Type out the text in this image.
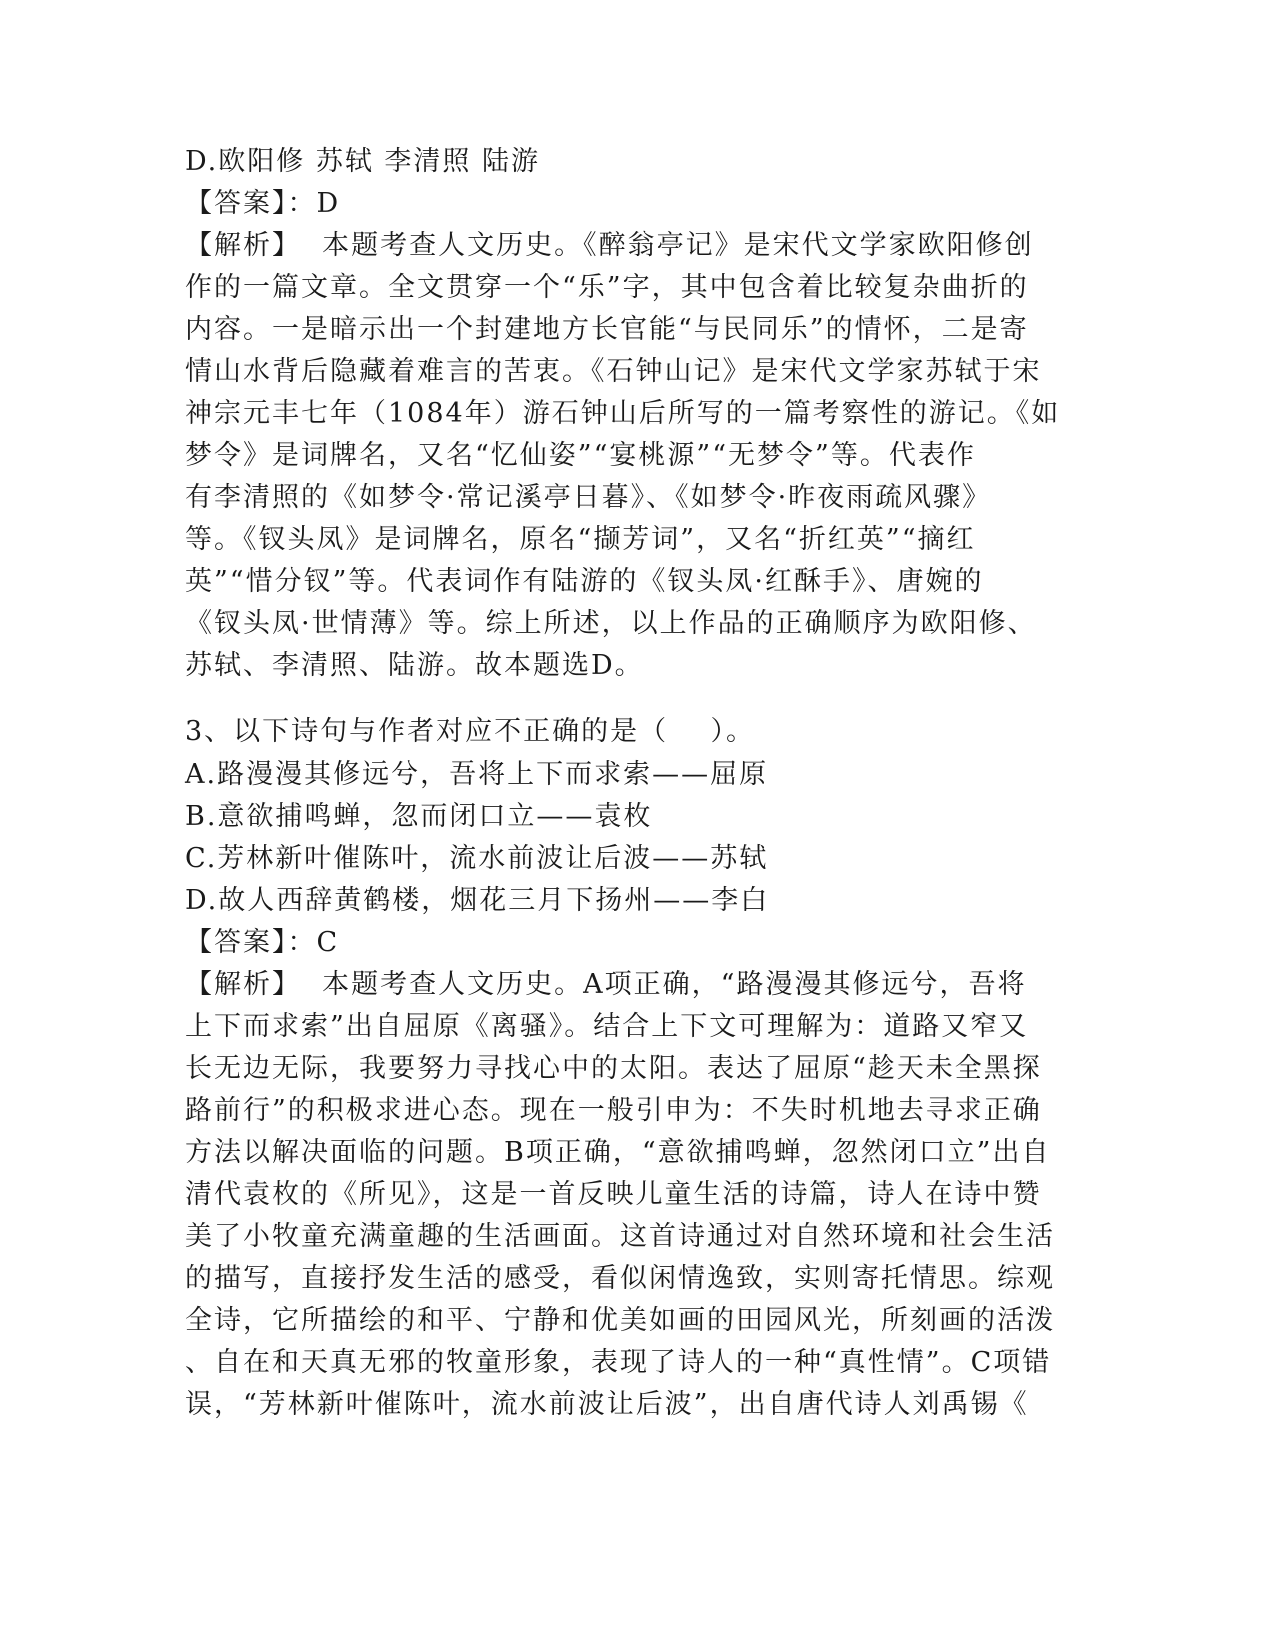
D.欧阳修 苏轼 李清照 陆游
【答案】：D
【解析】  本题考查人文历史。《醉翁亭记》是宋代文学家欧阳修创
作的一篇文章。全文贯穿一个“乐”字，其中包含着比较复杂曲折的
内容。一是暗示出一个封建地方长官能“与民同乐”的情怀，二是寄
情山水背后隐藏着难言的苦衷。《石钟山记》是宋代文学家苏轼于宋
神宗元丰七年（1084年）游石钟山后所写的一篇考察性的游记。《如
梦令》是词牌名，又名“忆仙姿”“宴桃源”“无梦令”等。代表作
有李清照的《如梦令·常记溪亭日暮》、《如梦令·昨夜雨疏风骤》
等。《钗头凤》是词牌名，原名“撷芳词”，又名“折红英”“摘红
英”“惜分钗”等。代表词作有陆游的《钗头凤·红酥手》、唐婉的
《钗头凤·世情薄》等。综上所述，以上作品的正确顺序为欧阳修、
苏轼、李清照、陆游。故本题选D。
3、以下诗句与作者对应不正确的是（    ）。
A.路漫漫其修远兮，吾将上下而求索——屈原
B.意欲捕鸣蝉，忽而闭口立——袁枚
C.芳林新叶催陈叶，流水前波让后波——苏轼
D.故人西辞黄鹤楼，烟花三月下扬州——李白
【答案】：C
【解析】  本题考查人文历史。A项正确，“路漫漫其修远兮，吾将
上下而求索”出自屈原《离骚》。结合上下文可理解为：道路又窄又
长无边无际，我要努力寻找心中的太阳。表达了屈原“趁天未全黑探
路前行”的积极求进心态。现在一般引申为：不失时机地去寻求正确
方法以解决面临的问题。B项正确，“意欲捕鸣蝉，忽然闭口立”出自
清代袁枚的《所见》，这是一首反映儿童生活的诗篇，诗人在诗中赞
美了小牧童充满童趣的生活画面。这首诗通过对自然环境和社会生活
的描写，直接抒发生活的感受，看似闲情逸致，实则寄托情思。综观
全诗，它所描绘的和平、宁静和优美如画的田园风光，所刻画的活泼
、自在和天真无邪的牧童形象，表现了诗人的一种“真性情”。C项错
误，“芳林新叶催陈叶，流水前波让后波”，出自唐代诗人刘禹锡《
